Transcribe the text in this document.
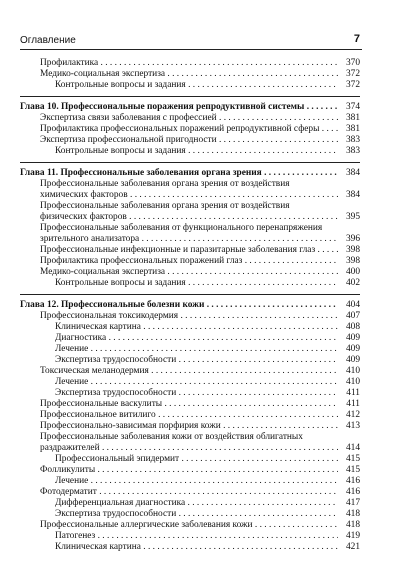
Оглавление	7
Профилактика . . .	370
Медико-социальная экспертиза . . .	372
Контрольные вопросы и задания . . .	372
Глава 10. Профессиональные поражения репродуктивной системы . . .	374
Экспертиза связи заболевания с профессией . . .	381
Профилактика профессиональных поражений репродуктивной сферы . . .	381
Экспертиза профессиональной пригодности . . .	383
Контрольные вопросы и задания . . .	383
Глава 11. Профессиональные заболевания органа зрения . . .	384
Профессиональные заболевания органа зрения от воздействия
химических факторов . . .	384
Профессиональные заболевания органа зрения от воздействия
физических факторов . . .	395
Профессиональные заболевания от функционального перенапряжения
зрительного анализатора . . .	396
Профессиональные инфекционные и паразитарные заболевания глаз . . .	398
Профилактика профессиональных поражений глаз . . .	398
Медико-социальная экспертиза . . .	400
Контрольные вопросы и задания . . .	402
Глава 12. Профессиональные болезни кожи . . .	404
Профессиональная токсикодермия . . .	407
Клиническая картина . . .	408
Диагностика . . .	409
Лечение . . .	409
Экспертиза трудоспособности . . .	409
Токсическая меланодермия . . .	410
Лечение . . .	410
Экспертиза трудоспособности . . .	411
Профессиональные васкулиты . . .	411
Профессиональное витилиго . . .	412
Профессионально-зависимая порфирия кожи . . .	413
Профессиональные заболевания кожи от воздействия облигатных
раздражителей . . .	414
Профессиональный эпидермит . . .	415
Фолликулиты . . .	415
Лечение . . .	416
Фотодерматит . . .	416
Дифференциальная диагностика . . .	417
Экспертиза трудоспособности . . .	418
Профессиональные аллергические заболевания кожи . . .	418
Патогенез . . .	419
Клиническая картина . . .	421
